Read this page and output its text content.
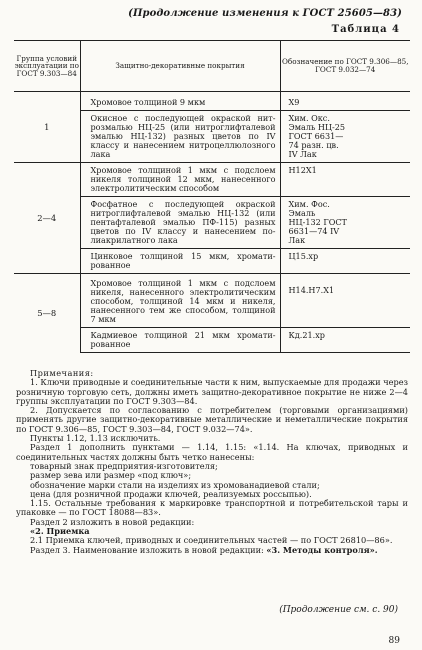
(Продолжение изменения к ГОСТ 25605—83)
Таблица 4
Группа условий эксплуатации по ГОСТ 9.303—84	Защитно-декоративные покрытия	Обозначение по ГОСТ 9.306—85, ГОСТ 9.032—74
1	Хромовое толщиной 9 мкм	Х9

	Окисное с последующей окраской нитрозмалью НЦ-25 (или нитроглифталевой эмалью НЦ-132) разных цветов по IV классу и нанесением нитроцеллюлозного лака	Хим. Окс. Эмаль НЦ-25 ГОСТ 6631—74 разн. цв. IV Лак

2—4	Хромовое толщиной 1 мкм с подслоем никеля толщиной 12 мкм, нанесенного электролитическим способом	Н12Х1

	Фосфатное с последующей окраской нитроглифталевой эмалью НЦ-132 (или пентафталевой эмалью ПФ-115) разных цветов по IV классу и нанесением полиакрилатного лака	Хим. Фос. Эмаль НЦ-132 ГОСТ 6631—74 IV Лак

	Цинковое толщиной 15 мкм, хроматированное	Ц15.хр

5—8	Хромовое толщиной 1 мкм с подслоем никеля, нанесенного электролитическим способом, толщиной 14 мкм и никеля, нанесенного тем же способом, толщиной 7 мкм	Н14.Н7.Х1

	Кадмиевое толщиной 21 мкм хроматированное	Кд.21.хр

Примечания:

1. Ключи приводные и соединительные части к ним, выпускаемые для продажи через розничную торговую сеть, должны иметь защитно-декоративное покрытие не ниже 2—4 группы эксплуатации по ГОСТ 9.303—84.

2. Допускается по согласованию с потребителем (торговыми организациями) применять другие защитно-декоративные металлические и неметаллические покрытия по ГОСТ 9.306—85, ГОСТ 9.303—84, ГОСТ 9.032—74».

Пункты 1.12, 1.13 исключить.

Раздел 1 дополнить пунктами — 1.14, 1.15: «1.14. На ключах, приводных и соединительных частях должны быть четко нанесены:

товарный знак предприятия-изготовителя;

размер зева или размер «под ключ»;

обозначение марки стали на изделиях из хромованадиевой стали;

цена (для розничной продажи ключей, реализуемых россыпью).

1.15. Остальные требования к маркировке транспортной и потребительской тары и упаковке — по ГОСТ 18088—83».

Раздел 2 изложить в новой редакции:

«2. Приемка

2.1 Приемка ключей, приводных и соединительных частей — по ГОСТ 26810—86».

Раздел 3. Наименование изложить в новой редакции: «3. Методы контроля».

(Продолжение см. с. 90)
89
